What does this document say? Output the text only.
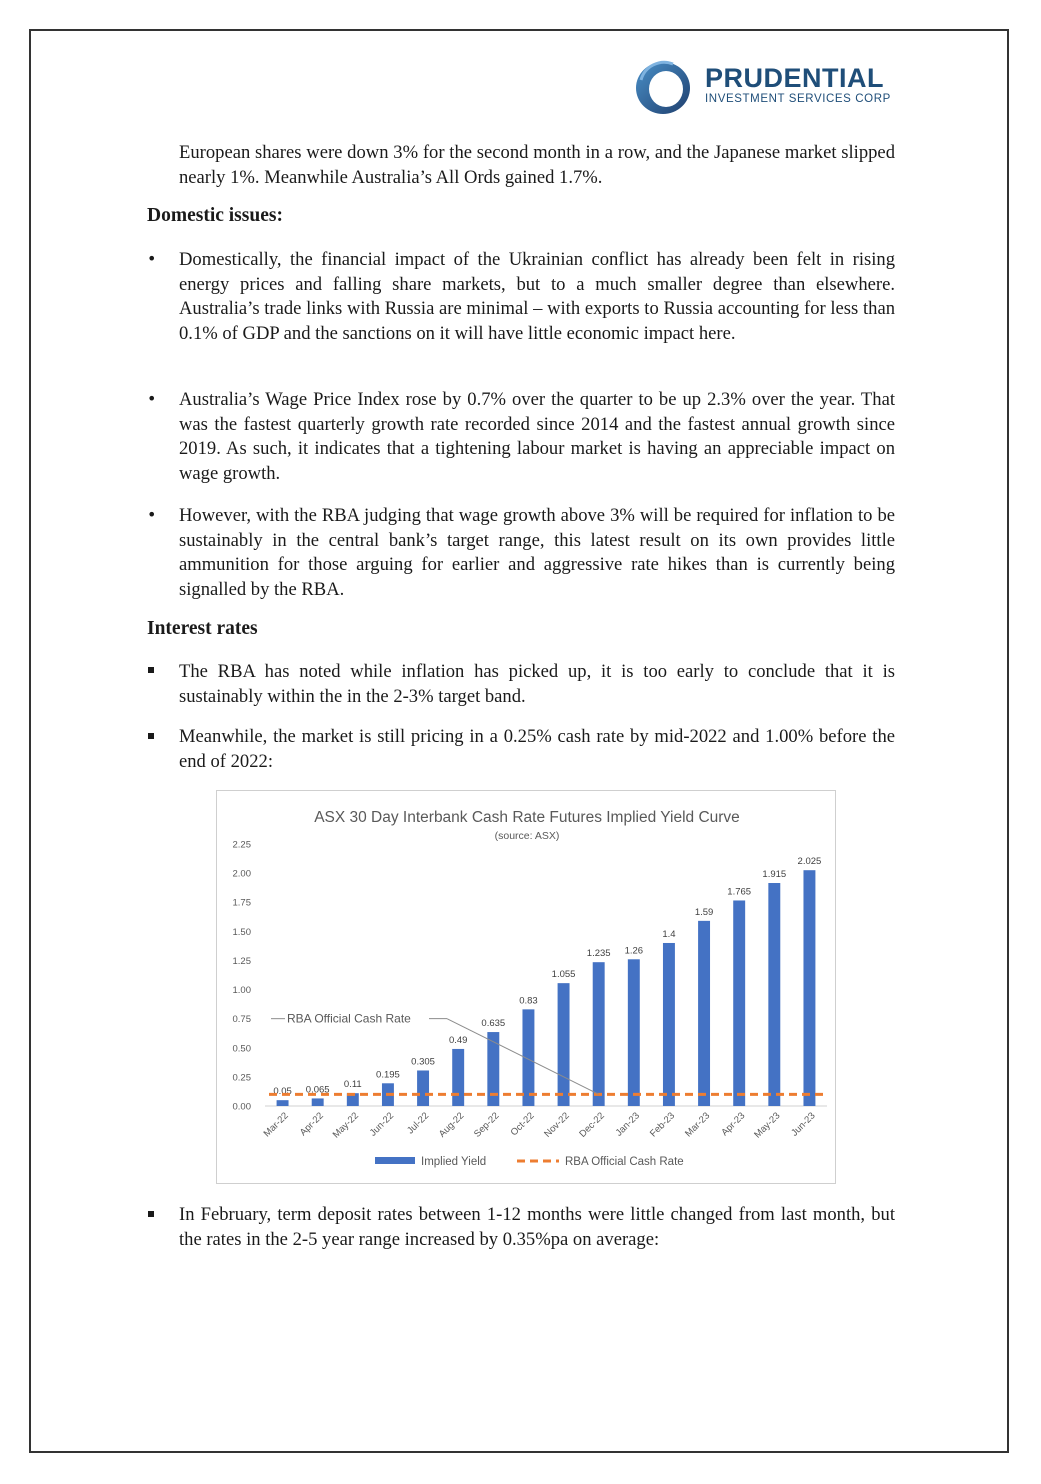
PRUDENTIAL
INVESTMENT SERVICES CORP

European shares were down 3% for the second month in a row, and the Japanese market slipped nearly 1%. Meanwhile Australia’s All Ords gained 1.7%.

Domestic issues:
• Domestically, the financial impact of the Ukrainian conflict has already been felt in rising energy prices and falling share markets, but to a much smaller degree than elsewhere. Australia’s trade links with Russia are minimal – with exports to Russia accounting for less than 0.1% of GDP and the sanctions on it will have little economic impact here.

• Australia’s Wage Price Index rose by 0.7% over the quarter to be up 2.3% over the year. That was the fastest quarterly growth rate recorded since 2014 and the fastest annual growth since 2019. As such, it indicates that a tightening labour market is having an appreciable impact on wage growth.

• However, with the RBA judging that wage growth above 3% will be required for inflation to be sustainably in the central bank’s target range, this latest result on its own provides little ammunition for those arguing for earlier and aggressive rate hikes than is currently being signalled by the RBA.

Interest rates

The RBA has noted while inflation has picked up, it is too early to conclude that it is sustainably within the in the 2-3% target band.

Meanwhile, the market is still pricing in a 0.25% cash rate by mid-2022 and 1.00% before the end of 2022:

ASX 30 Day Interbank Cash Rate Futures Implied Yield Curve
(source: ASX)
0.00
0.25
0.50
0.75
1.00
1.25
1.50
1.75
2.00
2.25
0.05 0.065 0.11
0.195
0.305
0.49
0.635
0.83
1.055
1.235 1.26
1.4
1.59
1.765
1.915
2.025
Mar-22 Apr-22 May-22 Jun-22 Jul-22 Aug-22 Sep-22 Oct-22 Nov-22 Dec-22 Jan-23 Feb-23 Mar-23 Apr-23 May-23 Jun-23
RBA Official Cash Rate
Implied Yield	RBA Official Cash Rate

In February, term deposit rates between 1-12 months were little changed from last month, but the rates in the 2-5 year range increased by 0.35%pa on average:
